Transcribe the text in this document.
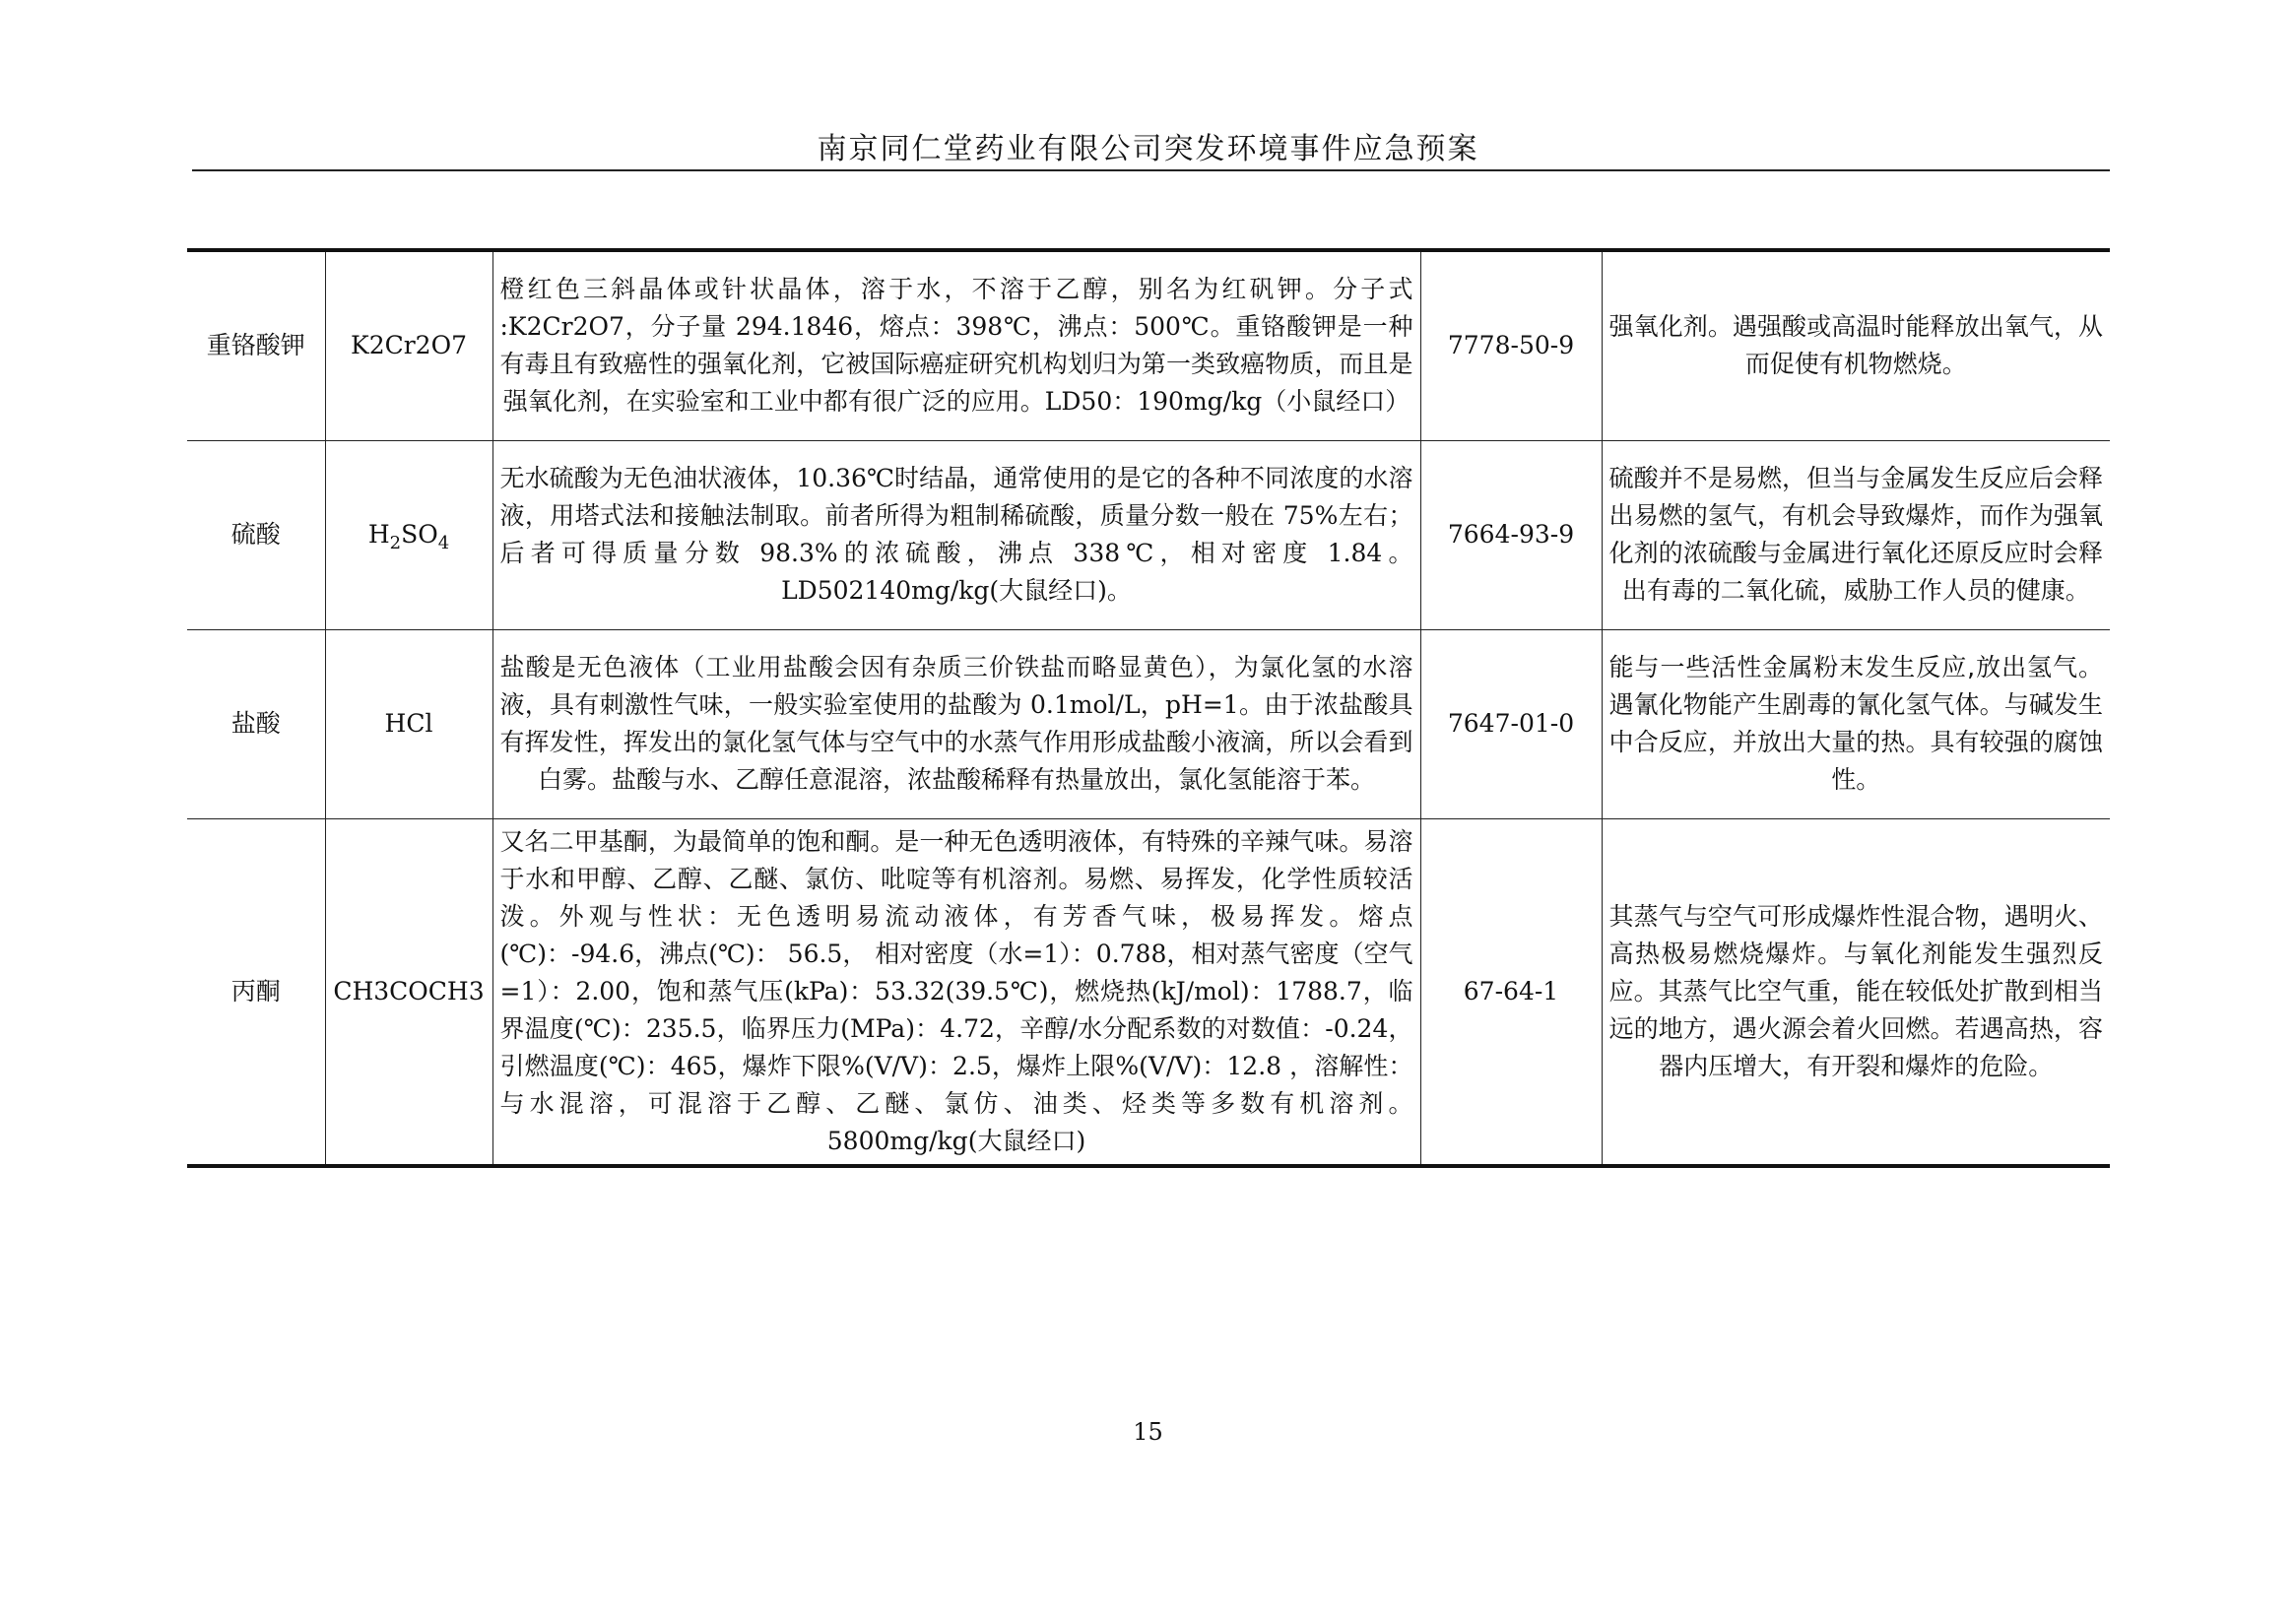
南京同仁堂药业有限公司突发环境事件应急预案
重铬酸钾	K2Cr2O7	橙红色三斜晶体或针状晶体，溶于水，不溶于乙醇，别名为红矾钾。分子式 :K2Cr2O7，分子量 294.1846，熔点：398℃，沸点：500℃。重铬酸钾是一种有毒且有致癌性的强氧化剂，它被国际癌症研究机构划归为第一类致癌物质，而且是强氧化剂，在实验室和工业中都有很广泛的应用。LD50：190mg/kg（小鼠经口）	7778-50-9	强氧化剂。遇强酸或高温时能释放出氧气，从而促使有机物燃烧。
硫酸	$H_2SO_4$	无水硫酸为无色油状液体，10.36℃时结晶，通常使用的是它的各种不同浓度的水溶液，用塔式法和接触法制取。前者所得为粗制稀硫酸，质量分数一般在 75%左右；后者可得质量分数 98.3%的浓硫酸，沸点 338℃，相对密度 1.84。LD502140mg/kg(大鼠经口)。	7664-93-9	硫酸并不是易燃，但当与金属发生反应后会释出易燃的氢气，有机会导致爆炸，而作为强氧化剂的浓硫酸与金属进行氧化还原反应时会释出有毒的二氧化硫，威胁工作人员的健康。
盐酸	HCl	盐酸是无色液体（工业用盐酸会因有杂质三价铁盐而略显黄色），为氯化氢的水溶液，具有刺激性气味，一般实验室使用的盐酸为 0.1mol/L，pH=1。由于浓盐酸具有挥发性，挥发出的氯化氢气体与空气中的水蒸气作用形成盐酸小液滴，所以会看到白雾。盐酸与水、乙醇任意混溶，浓盐酸稀释有热量放出，氯化氢能溶于苯。	7647-01-0	能与一些活性金属粉末发生反应,放出氢气。遇氰化物能产生剧毒的氰化氢气体。与碱发生中合反应，并放出大量的热。具有较强的腐蚀性。
丙酮	CH3COCH3	又名二甲基酮，为最简单的饱和酮。是一种无色透明液体，有特殊的辛辣气味。易溶于水和甲醇、乙醇、乙醚、氯仿、吡啶等有机溶剂。易燃、易挥发，化学性质较活泼。外观与性状：无色透明易流动液体，有芳香气味，极易挥发。熔点(℃)：-94.6，沸点(℃)： 56.5， 相对密度（水=1）：0.788，相对蒸气密度（空气=1）：2.00，饱和蒸气压(kPa)：53.32(39.5℃)，燃烧热(kJ/mol)：1788.7，临界温度(℃)：235.5，临界压力(MPa)：4.72，辛醇/水分配系数的对数值：-0.24，引燃温度(℃)：465，爆炸下限%(V/V)：2.5，爆炸上限%(V/V)：12.8 ，溶解性：与水混溶，可混溶于乙醇、乙醚、氯仿、油类、烃类等多数有机溶剂。5800mg/kg(大鼠经口)	67-64-1	其蒸气与空气可形成爆炸性混合物，遇明火、高热极易燃烧爆炸。与氧化剂能发生强烈反应。其蒸气比空气重，能在较低处扩散到相当远的地方，遇火源会着火回燃。若遇高热，容器内压增大，有开裂和爆炸的危险。
15
